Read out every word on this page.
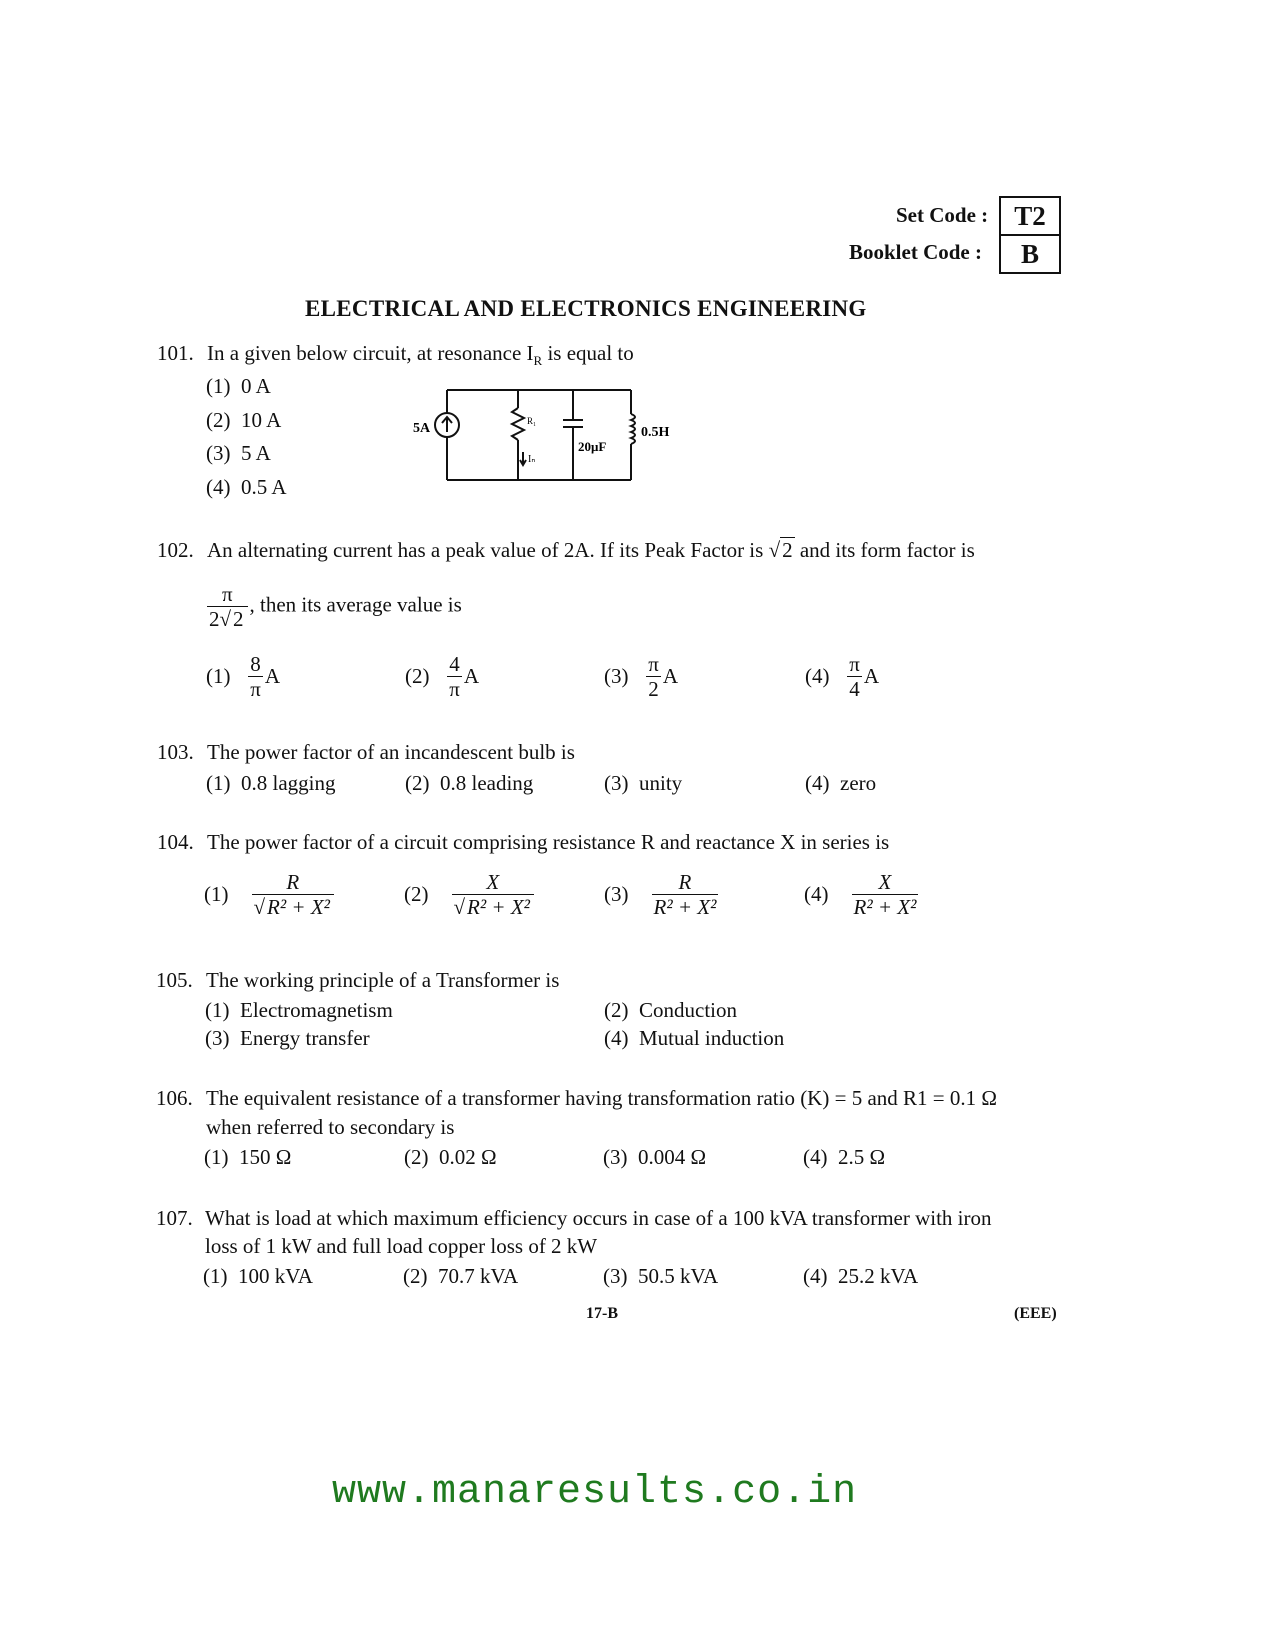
Set Code : T2
Booklet Code :	B
ELECTRICAL AND ELECTRONICS ENGINEERING
101. In a given below circuit, at resonance $I_R$ is equal to
(1) 0 A
(2) 10 A
(3) 5 A
(4) 0.5 A
5A	R₁
Iₙ
20μF
0.5H
102. An alternating current has a peak value of 2A. If its Peak Factor is √2 and its form factor is
$\frac{\pi}{2√2}$ , then its average value is
$(1) \frac{8}{\pi}$ A	$(2) \frac{4}{\pi}$ A	$(3) \frac{\pi}{2}$ A	$(4) \frac{\pi}{4}$ A
103. The power factor of an incandescent bulb is
(1) 0.8 lagging	(2) 0.8 leading	(3) unity	(4) zero
104. The power factor of a circuit comprising resistance R and reactance X in series is
$(1) \frac{R}{\text{√R² + X²}}$	$(2) \frac{X}{\text{√R² + X²}}$	$(3) \frac{R}{\text{R² + X²}}$	$(4) \frac{X}{\text{R² + X²}}$
105. The working principle of a Transformer is
(1) Electromagnetism	(2) Conduction
(3) Energy transfer	(4) Mutual induction
106. The equivalent resistance of a transformer having transformation ratio (K) = 5 and R1 = 0.1 Ω
when referred to secondary is
(1) 150 Ω	(2) 0.02 Ω	(3) 0.004 Ω	(4) 2.5 Ω
107. What is load at which maximum efficiency occurs in case of a 100 kVA transformer with iron
loss of 1 kW and full load copper loss of 2 kW
(1) 100 kVA	(2) 70.7 kVA	(3) 50.5 kVA	(4) 25.2 kVA
17-B	(EEE)
www.manaresults.co.in
